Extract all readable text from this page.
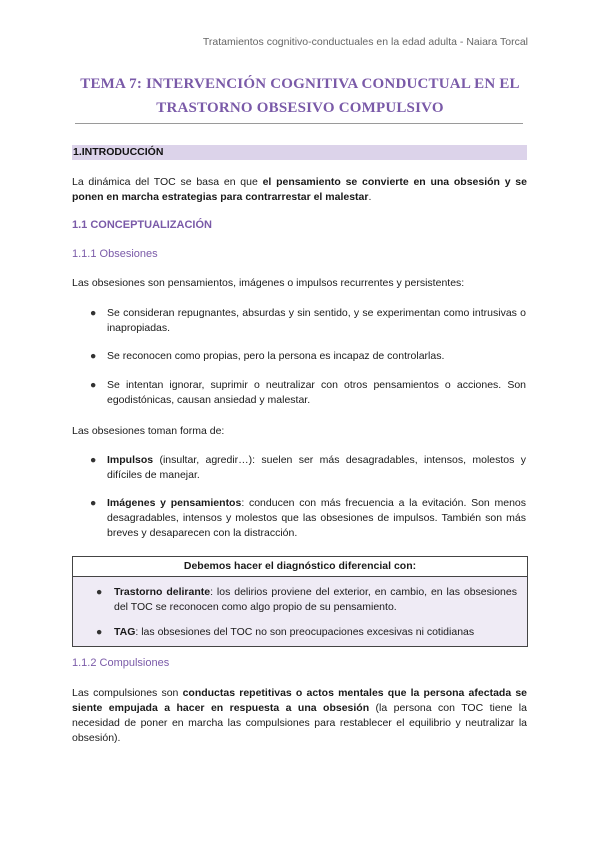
Tratamientos cognitivo-conductuales en la edad adulta - Naiara Torcal
TEMA 7: INTERVENCIÓN COGNITIVA CONDUCTUAL EN EL
TRASTORNO OBSESIVO COMPULSIVO
1.INTRODUCCIÓN
La dinámica del TOC se basa en que el pensamiento se convierte en una obsesión y se ponen en marcha estrategias para contrarrestar el malestar.
1.1 CONCEPTUALIZACIÓN
1.1.1 Obsesiones
Las obsesiones son pensamientos, imágenes o impulsos recurrentes y persistentes:
● Se consideran repugnantes, absurdas y sin sentido, y se experimentan como intrusivas o inapropiadas.
● Se reconocen como propias, pero la persona es incapaz de controlarlas.
● Se intentan ignorar, suprimir o neutralizar con otros pensamientos o acciones. Son egodistónicas, causan ansiedad y malestar.
Las obsesiones toman forma de:
● Impulsos (insultar, agredir…): suelen ser más desagradables, intensos, molestos y difíciles de manejar.
● Imágenes y pensamientos: conducen con más frecuencia a la evitación. Son menos desagradables, intensos y molestos que las obsesiones de impulsos. También son más breves y desaparecen con la distracción.
Debemos hacer el diagnóstico diferencial con:
● Trastorno delirante: los delirios proviene del exterior, en cambio, en las obsesiones del TOC se reconocen como algo propio de su pensamiento.
● TAG: las obsesiones del TOC no son preocupaciones excesivas ni cotidianas
1.1.2 Compulsiones
Las compulsiones son conductas repetitivas o actos mentales que la persona afectada se siente empujada a hacer en respuesta a una obsesión (la persona con TOC tiene la necesidad de poner en marcha las compulsiones para restablecer el equilibrio y neutralizar la obsesión).
